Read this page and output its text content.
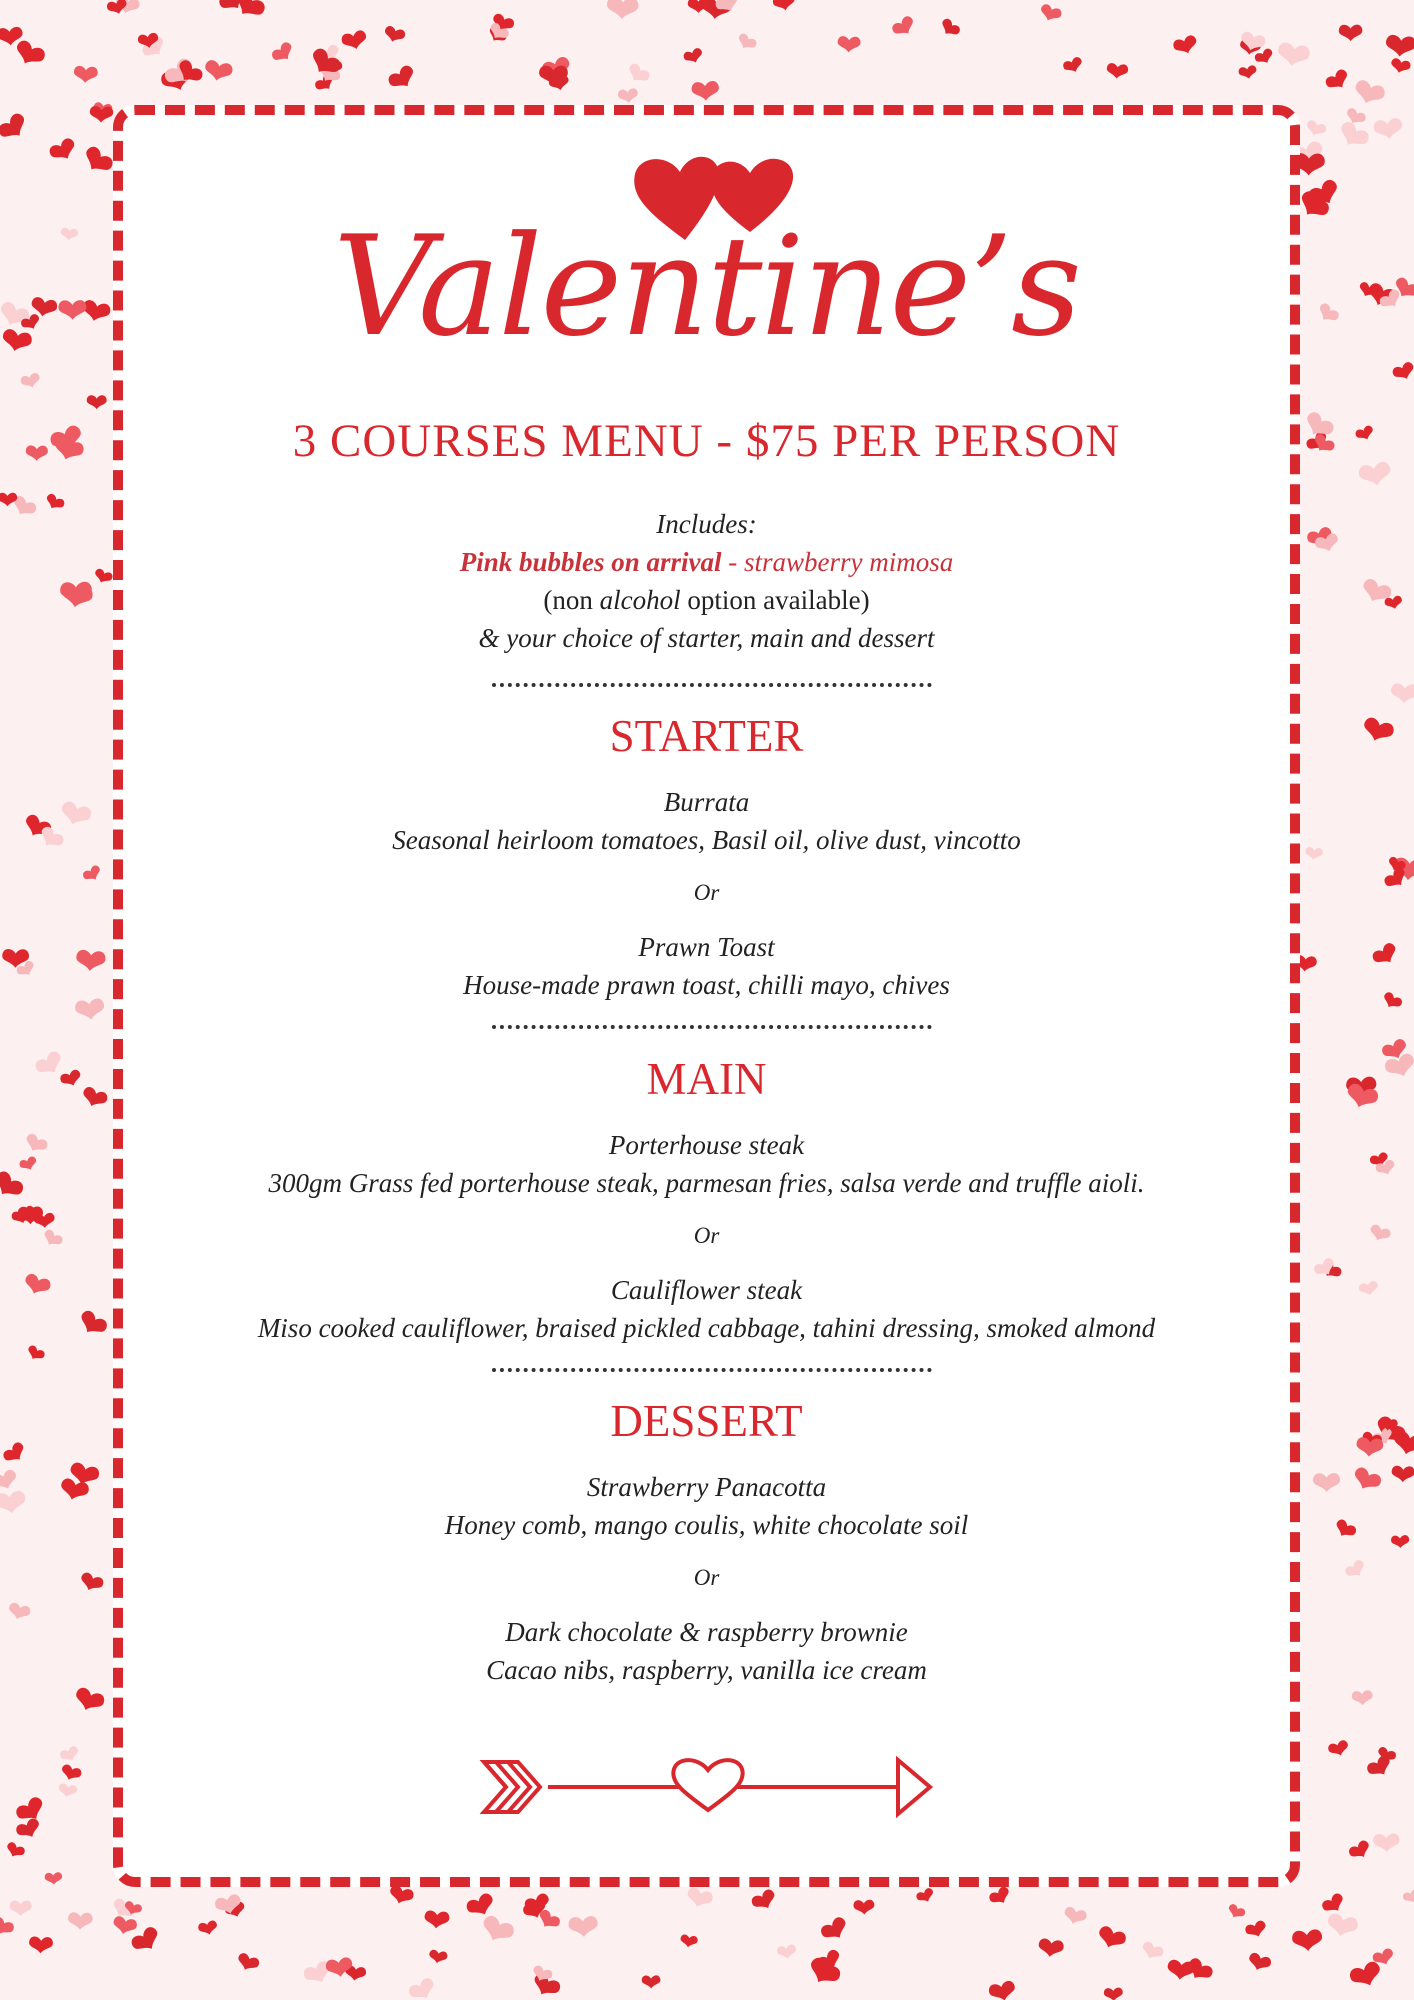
Valentine’s
3 COURSES MENU - $75 PER PERSON
Includes:
Pink bubbles on arrival - strawberry mimosa
(non alcohol option available)
& your choice of starter, main and dessert
STARTER
Burrata
Seasonal heirloom tomatoes, Basil oil, olive dust, vincotto
Or
Prawn Toast
House-made prawn toast, chilli mayo, chives
MAIN
Porterhouse steak
300gm Grass fed porterhouse steak, parmesan fries, salsa verde and truffle aioli.
Or
Cauliflower steak
Miso cooked cauliflower, braised pickled cabbage, tahini dressing, smoked almond
DESSERT
Strawberry Panacotta
Honey comb, mango coulis, white chocolate soil
Or
Dark chocolate & raspberry brownie
Cacao nibs, raspberry, vanilla ice cream
